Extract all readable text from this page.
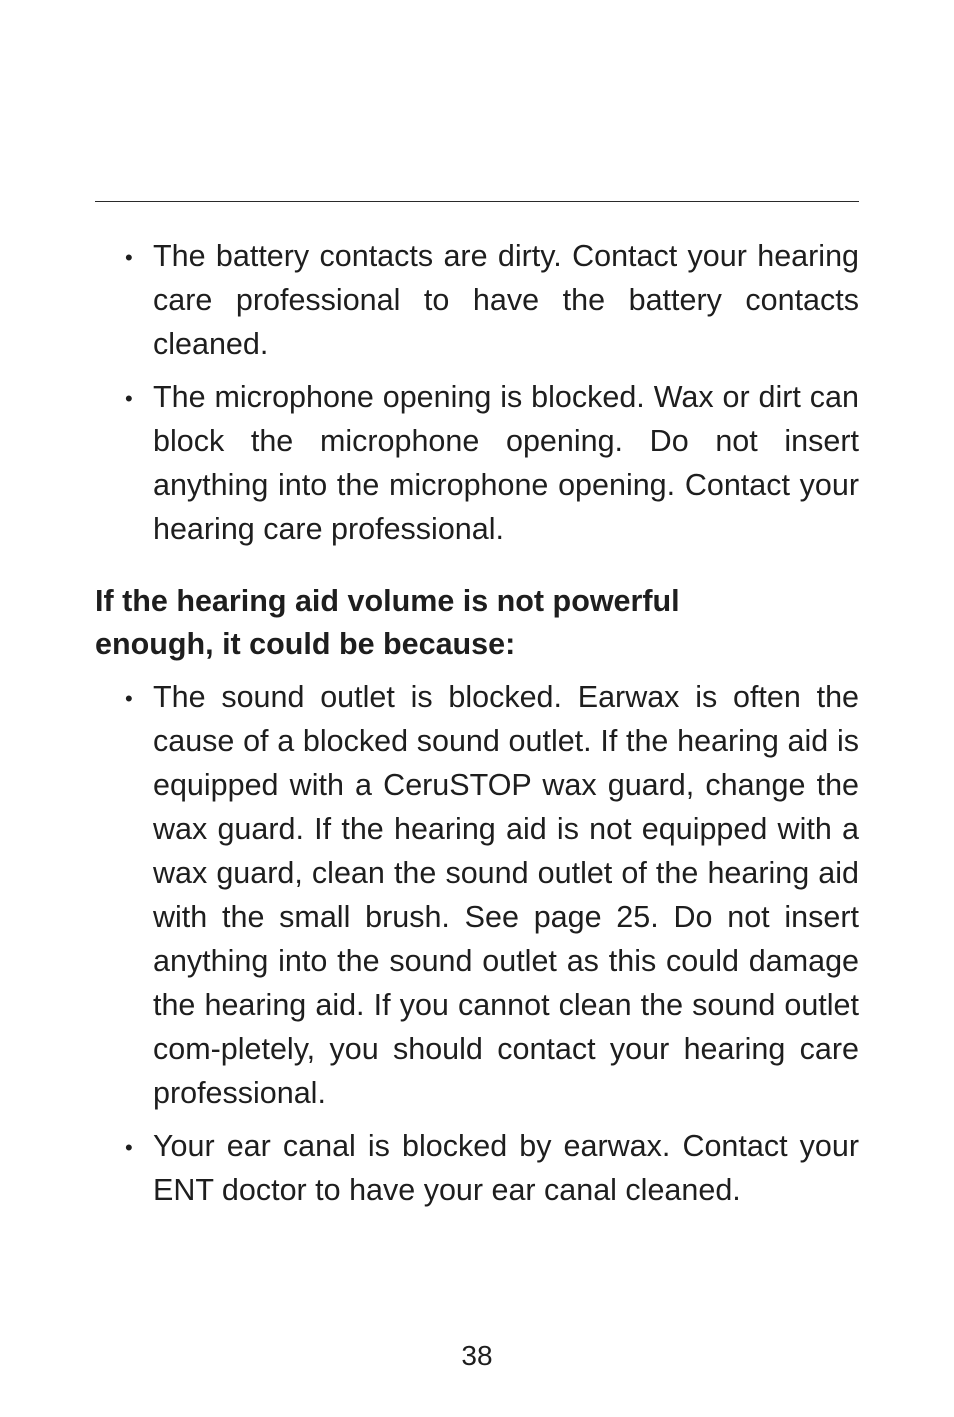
• The battery contacts are dirty. Contact your hearing care professional to have the battery contacts cleaned.
• The microphone opening is blocked. Wax or dirt can block the microphone opening. Do not insert anything into the microphone opening. Contact your hearing care professional.
If the hearing aid volume is not powerful enough, it could be because:
• The sound outlet is blocked. Earwax is often the cause of a blocked sound outlet. If the hearing aid is equipped with a CeruSTOP wax guard, change the wax guard. If the hearing aid is not equipped with a wax guard, clean the sound outlet of the hearing aid with the small brush. See page 25. Do not insert anything into the sound outlet as this could damage the hearing aid. If you cannot clean the sound outlet com-pletely, you should contact your hearing care professional.
• Your ear canal is blocked by earwax. Contact your ENT doctor to have your ear canal cleaned.
38
